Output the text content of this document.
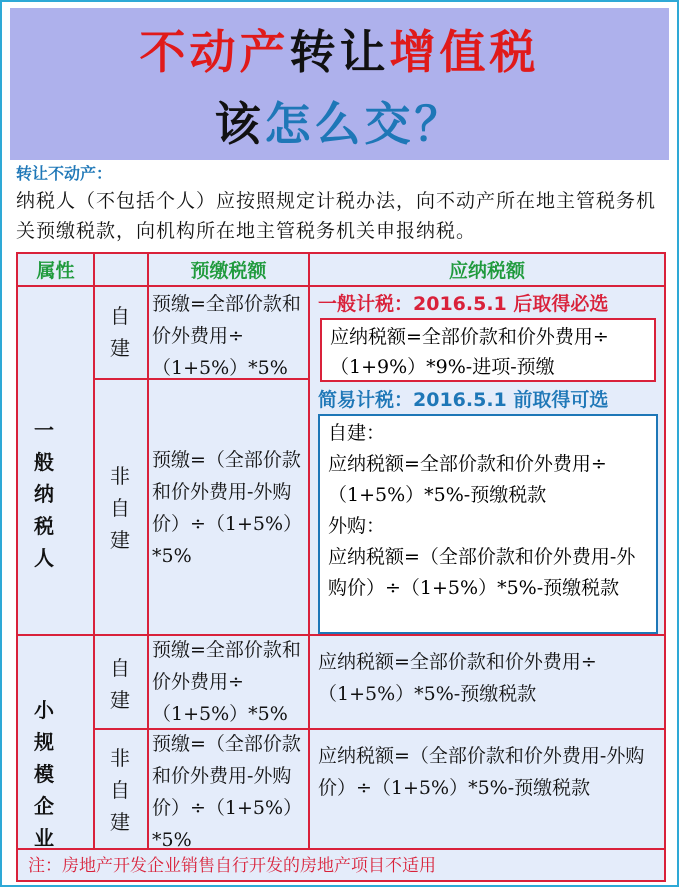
不动产转让增值税
该怎么交？
转让不动产：
纳税人（不包括个人）应按照规定计税办法，向不动产所在地主管税务机关预缴税款，向机构所在地主管税务机关申报纳税。
属性	预缴税额	应纳税额
一般纳税人
自建
非自建
预缴=全部价款和价外费用÷（1+5%）*5%
预缴=（全部价款和价外费用-外购价）÷（1+5%）*5%
一般计税：2016.5.1 后取得必选
应纳税额=全部价款和价外费用÷（1+9%）*9%-进项-预缴
简易计税：2016.5.1 前取得可选
自建：
应纳税额=全部价款和价外费用÷（1+5%）*5%-预缴税款
外购：
应纳税额=（全部价款和价外费用-外购价）÷（1+5%）*5%-预缴税款
小规模企业
自建
非自建
预缴=全部价款和价外费用÷（1+5%）*5%
预缴=（全部价款和价外费用-外购价）÷（1+5%）*5%
应纳税额=全部价款和价外费用÷（1+5%）*5%-预缴税款
应纳税额=（全部价款和价外费用-外购价）÷（1+5%）*5%-预缴税款
注：房地产开发企业销售自行开发的房地产项目不适用
